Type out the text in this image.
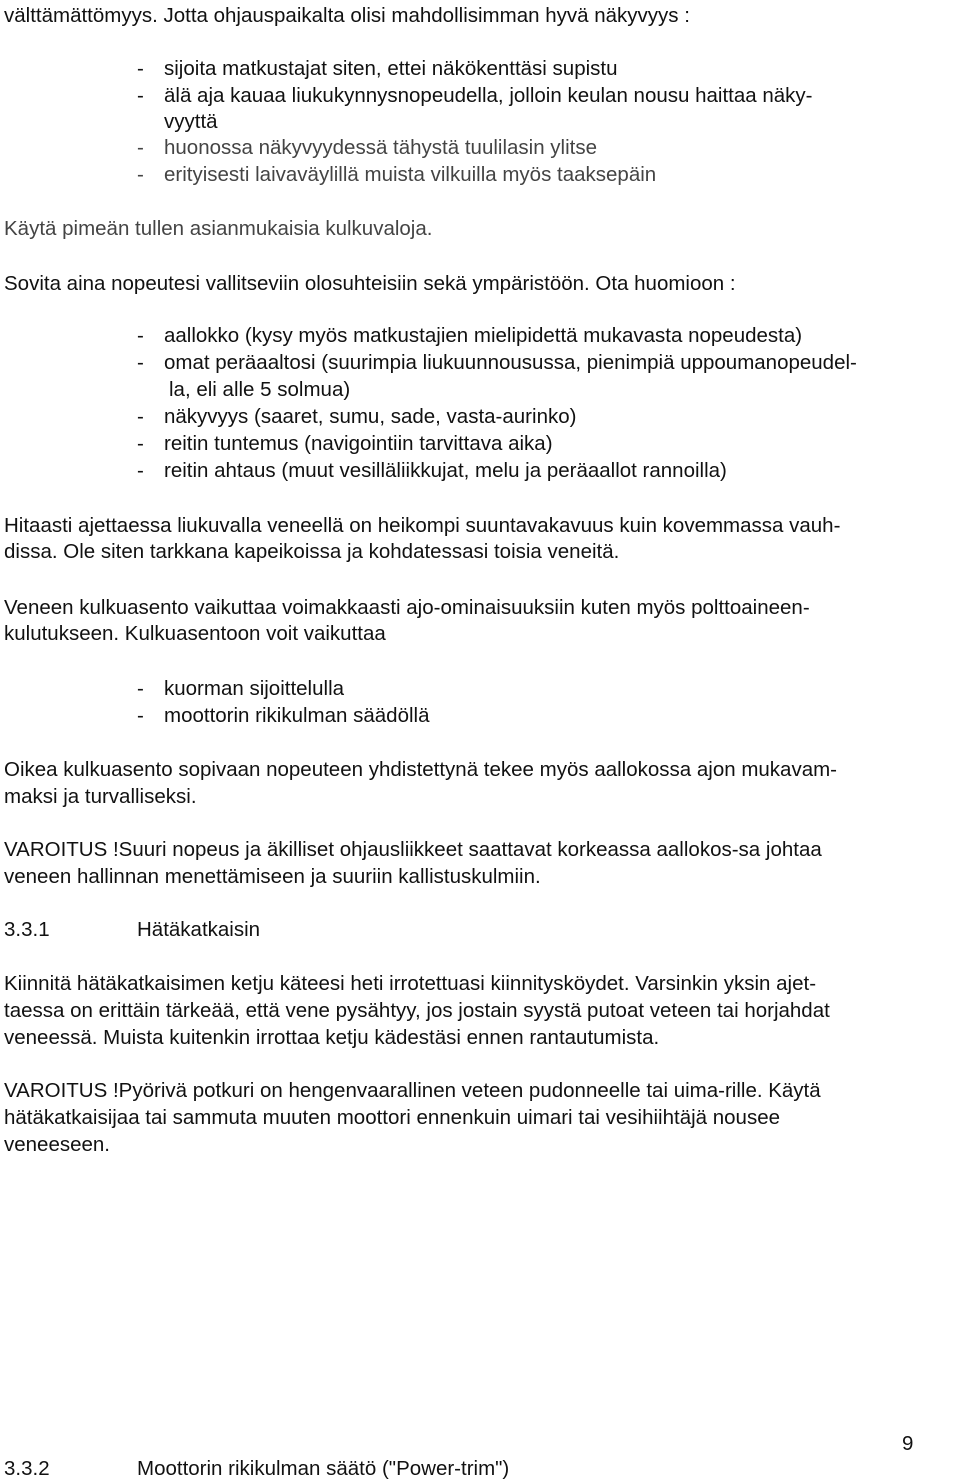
välttämättömyys. Jotta ohjauspaikalta olisi mahdollisimman hyvä näkyvyys :
- sijoita matkustajat siten, ettei näkökenttäsi supistu
- älä aja kauaa liukukynnysnopeudella, jolloin keulan nousu haittaa näky-
vyyttä
- huonossa näkyvyydessä tähystä tuulilasin ylitse
- erityisesti laivaväylillä muista vilkuilla myös taaksepäin
Käytä pimeän tullen asianmukaisia kulkuvaloja.
Sovita aina nopeutesi vallitseviin olosuhteisiin sekä ympäristöön. Ota huomioon :
- aallokko (kysy myös matkustajien mielipidettä mukavasta nopeudesta)
- omat peräaaltosi (suurimpia liukuunnousussa, pienimpiä uppoumanopeudel-
la, eli alle 5 solmua)
- näkyvyys (saaret, sumu, sade, vasta-aurinko)
- reitin tuntemus (navigointiin tarvittava aika)
- reitin ahtaus (muut vesilläliikkujat, melu ja peräaallot rannoilla)
Hitaasti ajettaessa liukuvalla veneellä on heikompi suuntavakavuus kuin kovemmassa vauh-
dissa. Ole siten tarkkana kapeikoissa ja kohdatessasi toisia veneitä.
Veneen kulkuasento vaikuttaa voimakkaasti ajo-ominaisuuksiin kuten myös polttoaineen-
kulutukseen. Kulkuasentoon voit vaikuttaa
- kuorman sijoittelulla
- moottorin rikikulman säädöllä
Oikea kulkuasento sopivaan nopeuteen yhdistettynä tekee myös aallokossa ajon mukavam-
maksi ja turvalliseksi.
VAROITUS !Suuri nopeus ja äkilliset ohjausliikkeet saattavat korkeassa aallokos-sa johtaa
veneen hallinnan menettämiseen ja suuriin kallistuskulmiin.
3.3.1	Hätäkatkaisin
Kiinnitä hätäkatkaisimen ketju käteesi heti irrotettuasi kiinnitysköydet. Varsinkin yksin ajet-
taessa on erittäin tärkeää, että vene pysähtyy, jos jostain syystä putoat veteen tai horjahdat
veneessä. Muista kuitenkin irrottaa ketju kädestäsi ennen rantautumista.
VAROITUS !Pyörivä potkuri on hengenvaarallinen veteen pudonneelle tai uima-rille. Käytä
hätäkatkaisijaa tai sammuta muuten moottori ennenkuin uimari tai vesihiihtäjä nousee
veneeseen.
9
3.3.2	Moottorin rikikulman säätö ("Power-trim")
